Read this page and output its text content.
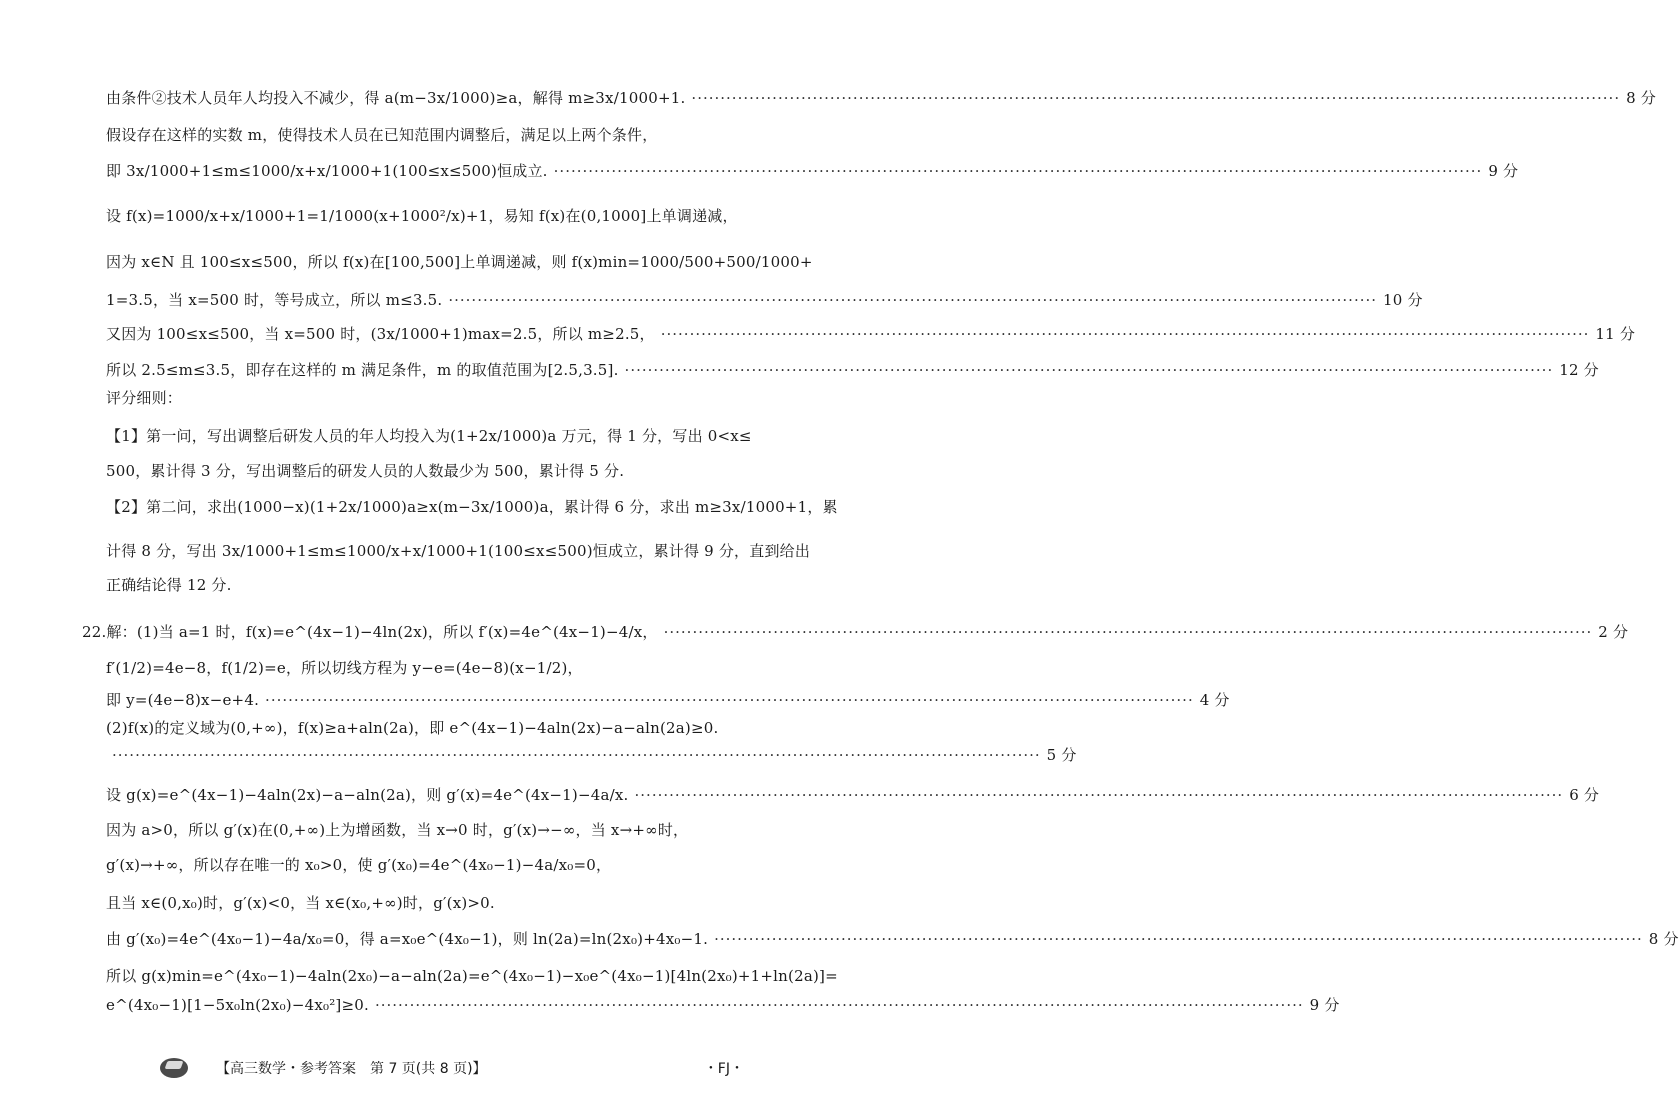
由条件②技术人员年人均投入不减少，得 a(m−3x/1000)≥a，解得 m≥3x/1000+1. ·····	8 分
假设存在这样的实数 m，使得技术人员在已知范围内调整后，满足以上两个条件，
即 3x/1000+1≤m≤1000/x+x/1000+1(100≤x≤500)恒成立. ·····	9 分
设 f(x)=1000/x+x/1000+1=1/1000(x+1000²/x)+1，易知 f(x)在(0,1000]上单调递减，
因为 x∈N 且 100≤x≤500，所以 f(x)在[100,500]上单调递减，则 f(x)min=1000/500+500/1000+
1=3.5，当 x=500 时，等号成立，所以 m≤3.5. ·····	10 分
又因为 100≤x≤500，当 x=500 时，(3x/1000+1)max=2.5，所以 m≥2.5， ·····	11 分
所以 2.5≤m≤3.5，即存在这样的 m 满足条件，m 的取值范围为[2.5,3.5]. ·····	12 分
评分细则：
【1】第一问，写出调整后研发人员的年人均投入为(1+2x/1000)a 万元，得 1 分，写出 0<x≤
500，累计得 3 分，写出调整后的研发人员的人数最少为 500，累计得 5 分.
【2】第二问，求出(1000−x)(1+2x/1000)a≥x(m−3x/1000)a，累计得 6 分，求出 m≥3x/1000+1，累
计得 8 分，写出 3x/1000+1≤m≤1000/x+x/1000+1(100≤x≤500)恒成立，累计得 9 分，直到给出
正确结论得 12 分.
22.解：(1)当 a=1 时，f(x)=e^(4x−1)−4ln(2x)，所以 f′(x)=4e^(4x−1)−4/x， ·····	2 分
f′(1/2)=4e−8，f(1/2)=e，所以切线方程为 y−e=(4e−8)(x−1/2)，
即 y=(4e−8)x−e+4. ·····	4 分
(2)f(x)的定义域为(0,+∞)，f(x)≥a+aln(2a)，即 e^(4x−1)−4aln(2x)−a−aln(2a)≥0.
·····
5 分
设 g(x)=e^(4x−1)−4aln(2x)−a−aln(2a)，则 g′(x)=4e^(4x−1)−4a/x. ·····	6 分
因为 a>0，所以 g′(x)在(0,+∞)上为增函数，当 x→0 时，g′(x)→−∞，当 x→+∞时，
g′(x)→+∞，所以存在唯一的 x₀>0，使 g′(x₀)=4e^(4x₀−1)−4a/x₀=0，
且当 x∈(0,x₀)时，g′(x)<0，当 x∈(x₀,+∞)时，g′(x)>0.
由 g′(x₀)=4e^(4x₀−1)−4a/x₀=0，得 a=x₀e^(4x₀−1)，则 ln(2a)=ln(2x₀)+4x₀−1. ·····	8 分
所以 g(x)min=e^(4x₀−1)−4aln(2x₀)−a−aln(2a)=e^(4x₀−1)−x₀e^(4x₀−1)[4ln(2x₀)+1+ln(2a)]=
e^(4x₀−1)[1−5x₀ln(2x₀)−4x₀²]≥0. ·····	9 分
【高三数学・参考答案　第 7 页(共 8 页)】	・FJ・
